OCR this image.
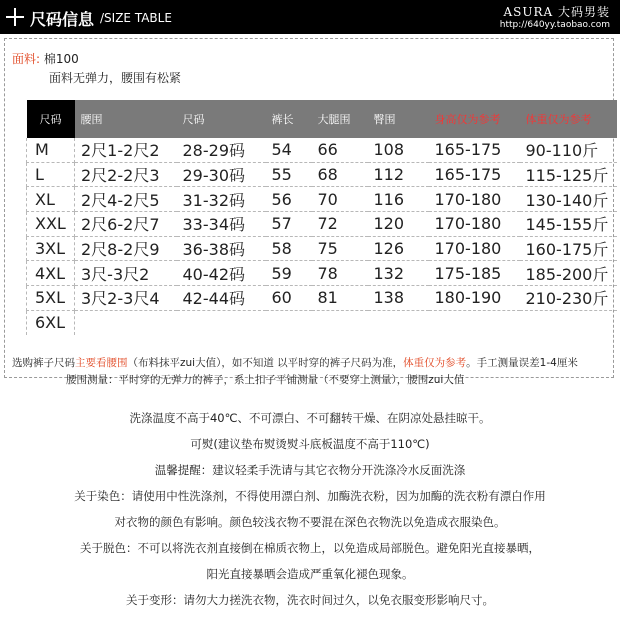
尺码信息 /SIZE TABLE	ASURA 大码男装
http://640yy.taobao.com
面料: 棉100
面料无弹力，腰围有松紧
尺码	腰围	尺码	裤长	大腿围	臀围	身高仅为参考	体重仅为参考
M	2尺1-2尺2	28-29码	54	66	108	165-175	90-110斤
L	2尺2-2尺3	29-30码	55	68	112	165-175	115-125斤
XL	2尺4-2尺5	31-32码	56	70	116	170-180	130-140斤
XXL	2尺6-2尺7	33-34码	57	72	120	170-180	145-155斤
3XL	2尺8-2尺9	36-38码	58	75	126	170-180	160-175斤
4XL	3尺-3尺2	40-42码	59	78	132	175-185	185-200斤
5XL	3尺2-3尺4	42-44码	60	81	138	180-190	210-230斤
6XL							
选购裤子尺码主要看腰围（布料抹平zui大值），如不知道 以平时穿的裤子尺码为准，体重仅为参考。手工测量误差1-4厘米
腰围测量：平时穿的无弹力的裤子，系上扣子平铺测量（不要穿上测量），腰围zui大值
洗涤温度不高于40℃、不可漂白、不可翻转干燥、在阴凉处悬挂晾干。
可熨(建议垫布熨烫熨斗底板温度不高于110℃)
温馨提醒：建议轻柔手洗请与其它衣物分开洗涤冷水反面洗涤
关于染色：请使用中性洗涤剂，不得使用漂白剂、加酶洗衣粉，因为加酶的洗衣粉有漂白作用
对衣物的颜色有影响。颜色较浅衣物不要混在深色衣物洗以免造成衣服染色。
关于脱色：不可以将洗衣剂直接倒在棉质衣物上，以免造成局部脱色。避免阳光直接暴晒，
阳光直接暴晒会造成严重氧化褪色现象。
关于变形：请勿大力搓洗衣物，洗衣时间过久，以免衣服变形影响尺寸。
